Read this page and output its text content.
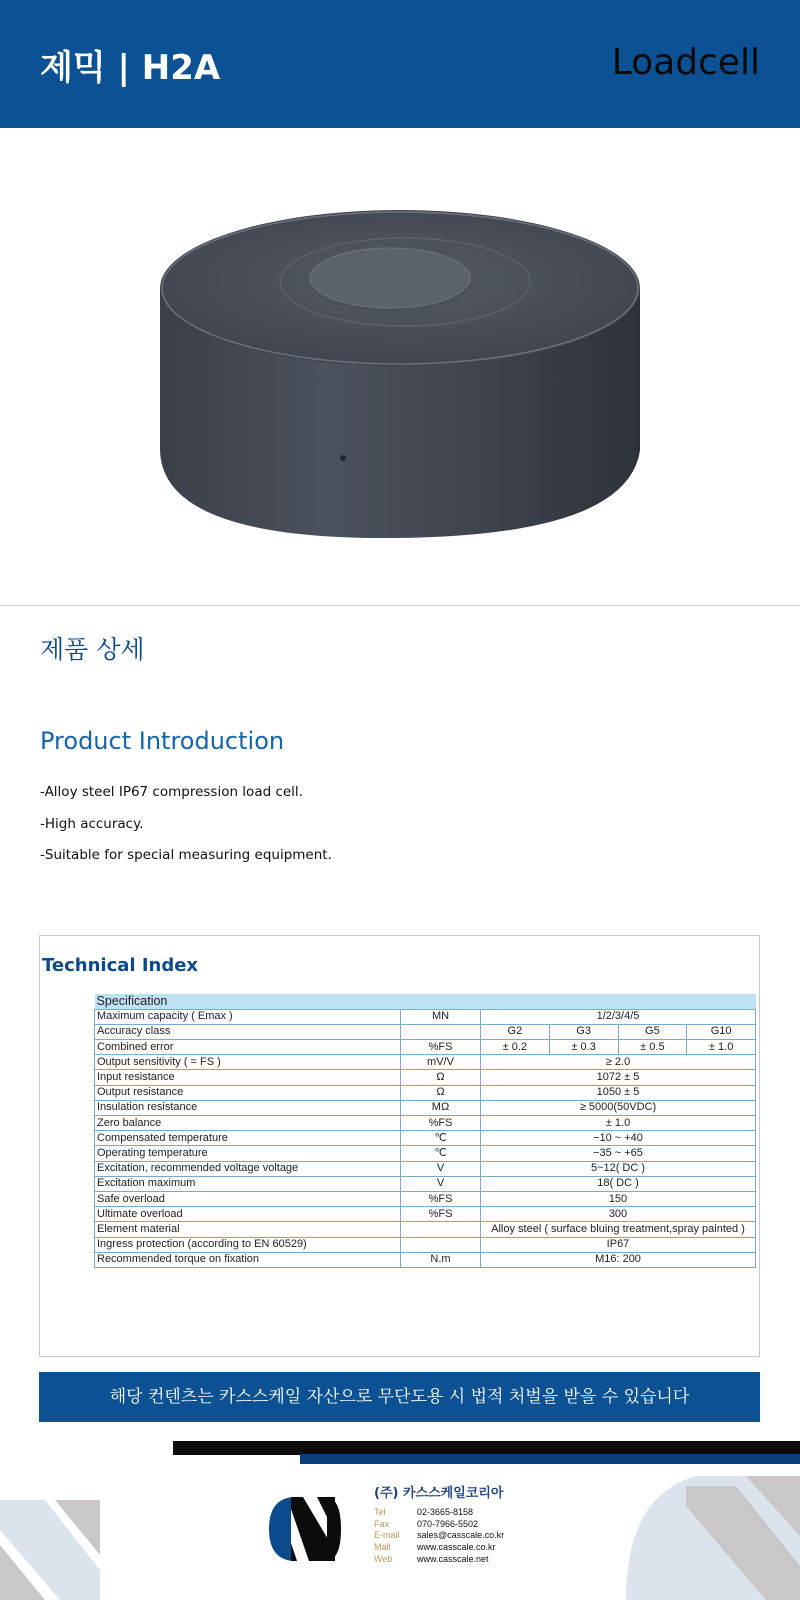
제믹 | H2A	Loadcell
제품 상세
Product Introduction
-Alloy steel IP67 compression load cell.
-High accuracy.
-Suitable for special measuring equipment.
Technical Index
Specification					
Maximum capacity ( Emax )	MN	1/2/3/4/5			
Accuracy class		G2	G3	G5	G10
Combined error	%FS	± 0.2	± 0.3	± 0.5	± 1.0
Output sensitivity ( = FS )	mV/V	≥ 2.0			
Input resistance	Ω	1072 ± 5			
Output resistance	Ω	1050 ± 5			
Insulation resistance	MΩ	≥ 5000(50VDC)			
Zero balance	%FS	± 1.0			
Compensated temperature	℃	−10 ~ +40			
Operating temperature	℃	−35 ~ +65			
Excitation, recommended voltage voltage	V	5~12( DC )			
Excitation maximum	V	18( DC )			
Safe overload	%FS	150			
Ultimate overload	%FS	300			
Element material		Alloy steel ( surface bluing treatment,spray painted )			
Ingress protection (according to EN 60529)		IP67			
Recommended torque on fixation	N.m	M16: 200			
해당 컨텐츠는 카스스케일 자산으로 무단도용 시 법적 처벌을 받을 수 있습니다
(주) 카스스케일코리아
Tel	02-3665-8158
Fax	070-7966-5502
E-mail	sales@casscale.co.kr
Mall	www.casscale.co.kr
Web	www.casscale.net
